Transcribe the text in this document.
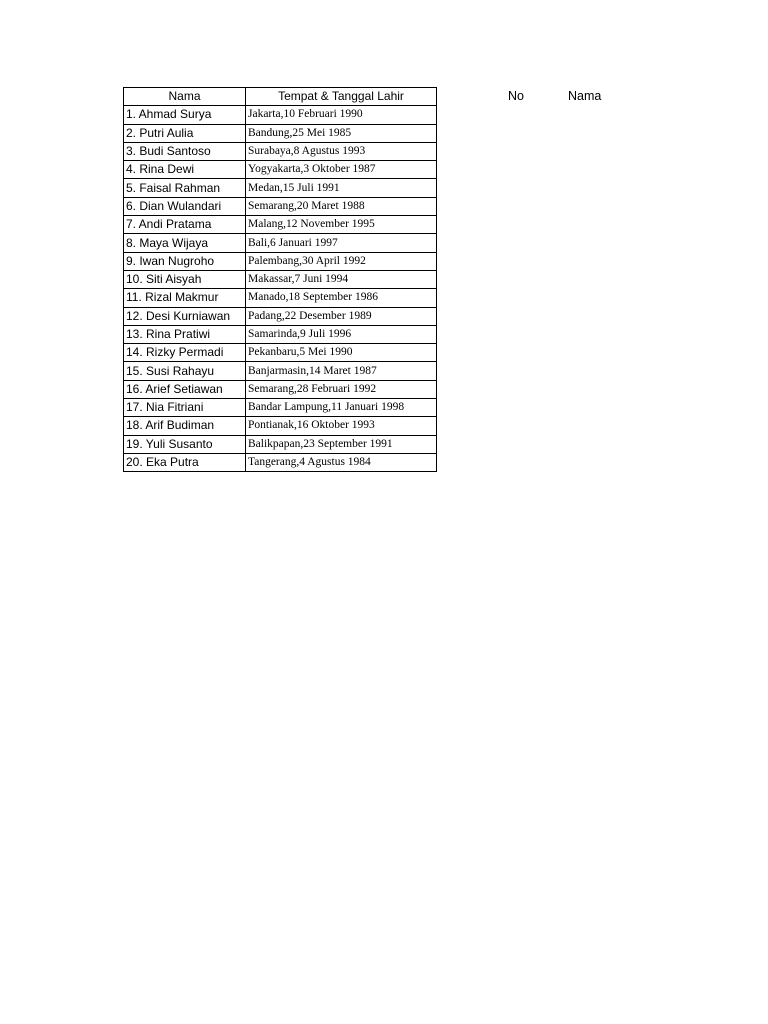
Nama	Tempat & Tanggal Lahir
1. Ahmad Surya	Jakarta,10 Februari 1990
2. Putri Aulia	Bandung,25 Mei 1985
3. Budi Santoso	Surabaya,8 Agustus 1993
4. Rina Dewi	Yogyakarta,3 Oktober 1987
5. Faisal Rahman	Medan,15 Juli 1991
6. Dian Wulandari	Semarang,20 Maret 1988
7. Andi Pratama	Malang,12 November 1995
8. Maya Wijaya	Bali,6 Januari 1997
9. Iwan Nugroho	Palembang,30 April 1992
10. Siti Aisyah	Makassar,7 Juni 1994
11. Rizal Makmur	Manado,18 September 1986
12. Desi Kurniawan	Padang,22 Desember 1989
13. Rina Pratiwi	Samarinda,9 Juli 1996
14. Rizky Permadi	Pekanbaru,5 Mei 1990
15. Susi Rahayu	Banjarmasin,14 Maret 1987
16. Arief Setiawan	Semarang,28 Februari 1992
17. Nia Fitriani	Bandar Lampung,11 Januari 1998
18. Arif Budiman	Pontianak,16 Oktober 1993
19. Yuli Susanto	Balikpapan,23 September 1991
20. Eka Putra	Tangerang,4 Agustus 1984
No	Nama
